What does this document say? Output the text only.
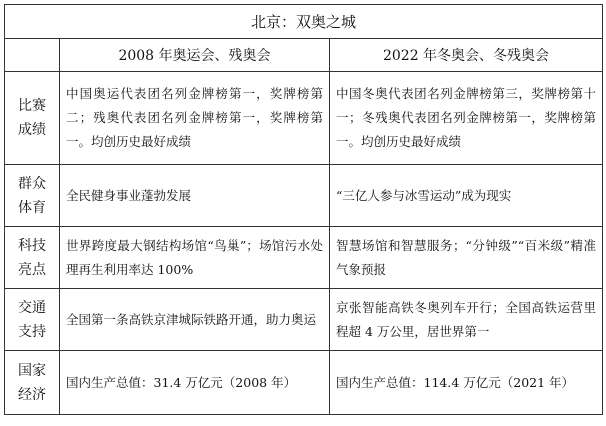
北京：双奥之城		
	2008 年奥运会、残奥会	2022 年冬奥会、冬残奥会

比赛
成绩	中国奥运代表团名列金牌榜第一，奖牌榜第二；残奥代表团名列金牌榜第一，奖牌榜第一。均创历史最好成绩	中国冬奥代表团名列金牌榜第三，奖牌榜第十一；冬残奥代表团名列金牌榜第一，奖牌榜第一。均创历史最好成绩

群众
体育	全民健身事业蓬勃发展	“三亿人参与冰雪运动”成为现实

科技
亮点	世界跨度最大钢结构场馆“鸟巢”；场馆污水处理再生利用率达 100%	智慧场馆和智慧服务；“分钟级”“百米级”精准气象预报

交通
支持	全国第一条高铁京津城际铁路开通，助力奥运	京张智能高铁冬奥列车开行；全国高铁运营里程超 4 万公里，居世界第一

国家
经济	国内生产总值：31.4 万亿元（2008 年）	国内生产总值：114.4 万亿元（2021 年）
